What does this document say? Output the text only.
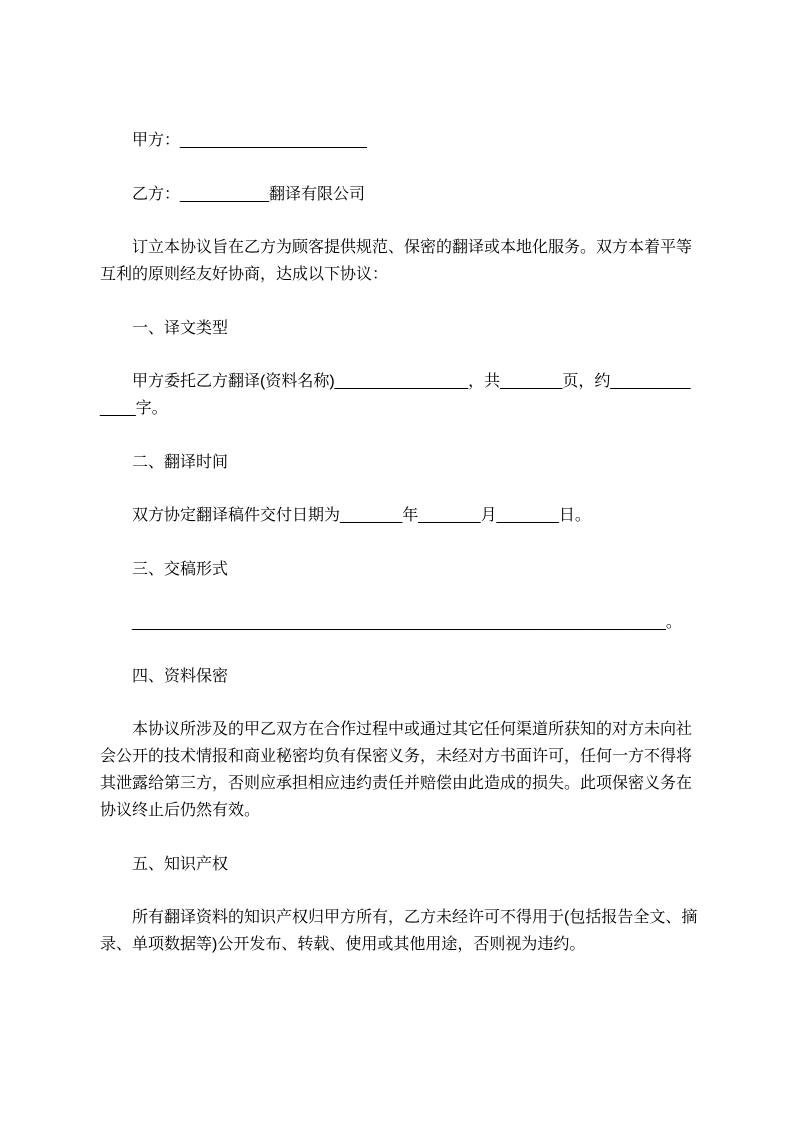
甲方：_____________________

乙方：__________翻译有限公司

订立本协议旨在乙方为顾客提供规范、保密的翻译或本地化服务。双方本着平等互利的原则经友好协商，达成以下协议：

一、译文类型

甲方委托乙方翻译(资料名称)_______________，共_______页，约_____________字。

二、翻译时间

双方协定翻译稿件交付日期为_______年_______月_______日。

三、交稿形式

____________________________________________________________。

四、资料保密

本协议所涉及的甲乙双方在合作过程中或通过其它任何渠道所获知的对方未向社会公开的技术情报和商业秘密均负有保密义务，未经对方书面许可，任何一方不得将其泄露给第三方，否则应承担相应违约责任并赔偿由此造成的损失。此项保密义务在协议终止后仍然有效。

五、知识产权

所有翻译资料的知识产权归甲方所有，乙方未经许可不得用于(包括报告全文、摘录、单项数据等)公开发布、转载、使用或其他用途，否则视为违约。
